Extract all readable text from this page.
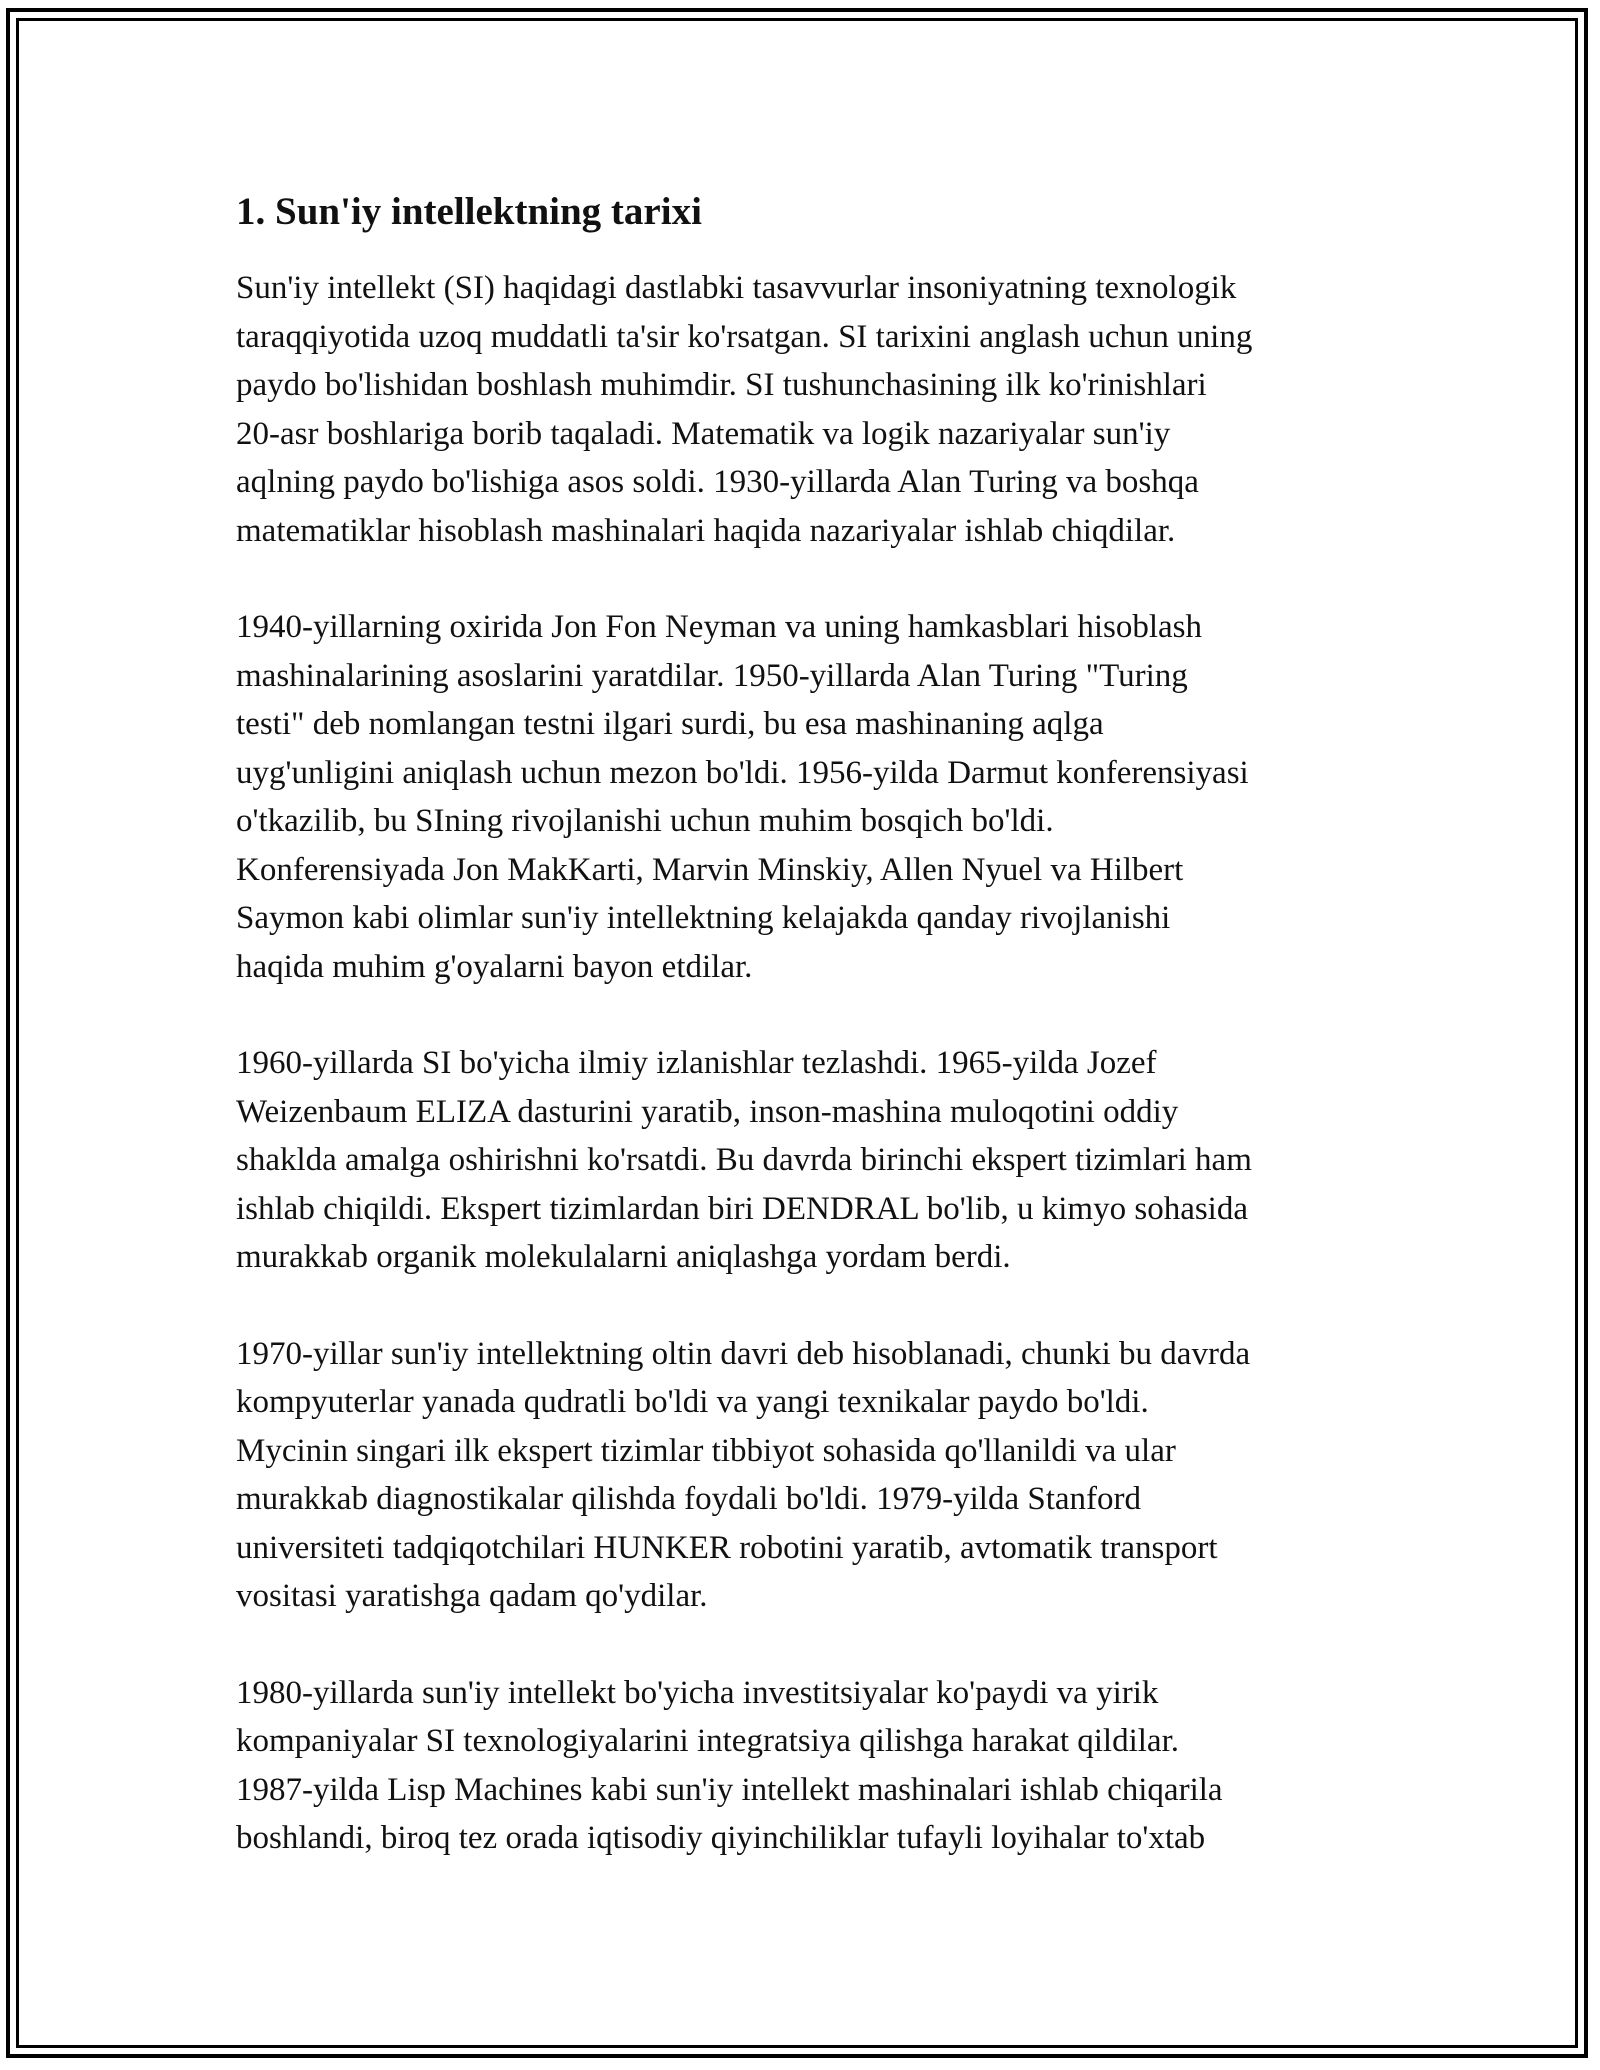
1. Sun'iy intellektning tarixi

Sun'iy intellekt (SI) haqidagi dastlabki tasavvurlar insoniyatning texnologik
taraqqiyotida uzoq muddatli ta'sir ko'rsatgan. SI tarixini anglash uchun uning
paydo bo'lishidan boshlash muhimdir. SI tushunchasining ilk ko'rinishlari
20-asr boshlariga borib taqaladi. Matematik va logik nazariyalar sun'iy
aqlning paydo bo'lishiga asos soldi. 1930-yillarda Alan Turing va boshqa
matematiklar hisoblash mashinalari haqida nazariyalar ishlab chiqdilar.

1940-yillarning oxirida Jon Fon Neyman va uning hamkasblari hisoblash
mashinalarining asoslarini yaratdilar. 1950-yillarda Alan Turing "Turing
testi" deb nomlangan testni ilgari surdi, bu esa mashinaning aqlga
uyg'unligini aniqlash uchun mezon bo'ldi. 1956-yilda Darmut konferensiyasi
o'tkazilib, bu SIning rivojlanishi uchun muhim bosqich bo'ldi.
Konferensiyada Jon MakKarti, Marvin Minskiy, Allen Nyuel va Hilbert
Saymon kabi olimlar sun'iy intellektning kelajakda qanday rivojlanishi
haqida muhim g'oyalarni bayon etdilar.

1960-yillarda SI bo'yicha ilmiy izlanishlar tezlashdi. 1965-yilda Jozef
Weizenbaum ELIZA dasturini yaratib, inson-mashina muloqotini oddiy
shakldа amalga oshirishni ko'rsatdi. Bu davrda birinchi ekspert tizimlari ham
ishlab chiqildi. Ekspert tizimlardan biri DENDRAL bo'lib, u kimyo sohasida
murakkab organik molekulalarni aniqlashga yordam berdi.

1970-yillar sun'iy intellektning oltin davri deb hisoblanadi, chunki bu davrda
kompyuterlar yanada qudratli bo'ldi va yangi texnikalar paydo bo'ldi.
Mycinin singari ilk ekspert tizimlar tibbiyot sohasida qo'llanildi va ular
murakkab diagnostikalar qilishda foydali bo'ldi. 1979-yilda Stanford
universiteti tadqiqotchilari HUNKER robotini yaratib, avtomatik transport
vositasi yaratishga qadam qo'ydilar.

1980-yillarda sun'iy intellekt bo'yicha investitsiyalar ko'paydi va yirik
kompaniyalar SI texnologiyalarini integratsiya qilishga harakat qildilar.
1987-yilda Lisp Machines kabi sun'iy intellekt mashinalari ishlab chiqarila
boshlandi, biroq tez orada iqtisodiy qiyinchiliklar tufayli loyihalar to'xtab
